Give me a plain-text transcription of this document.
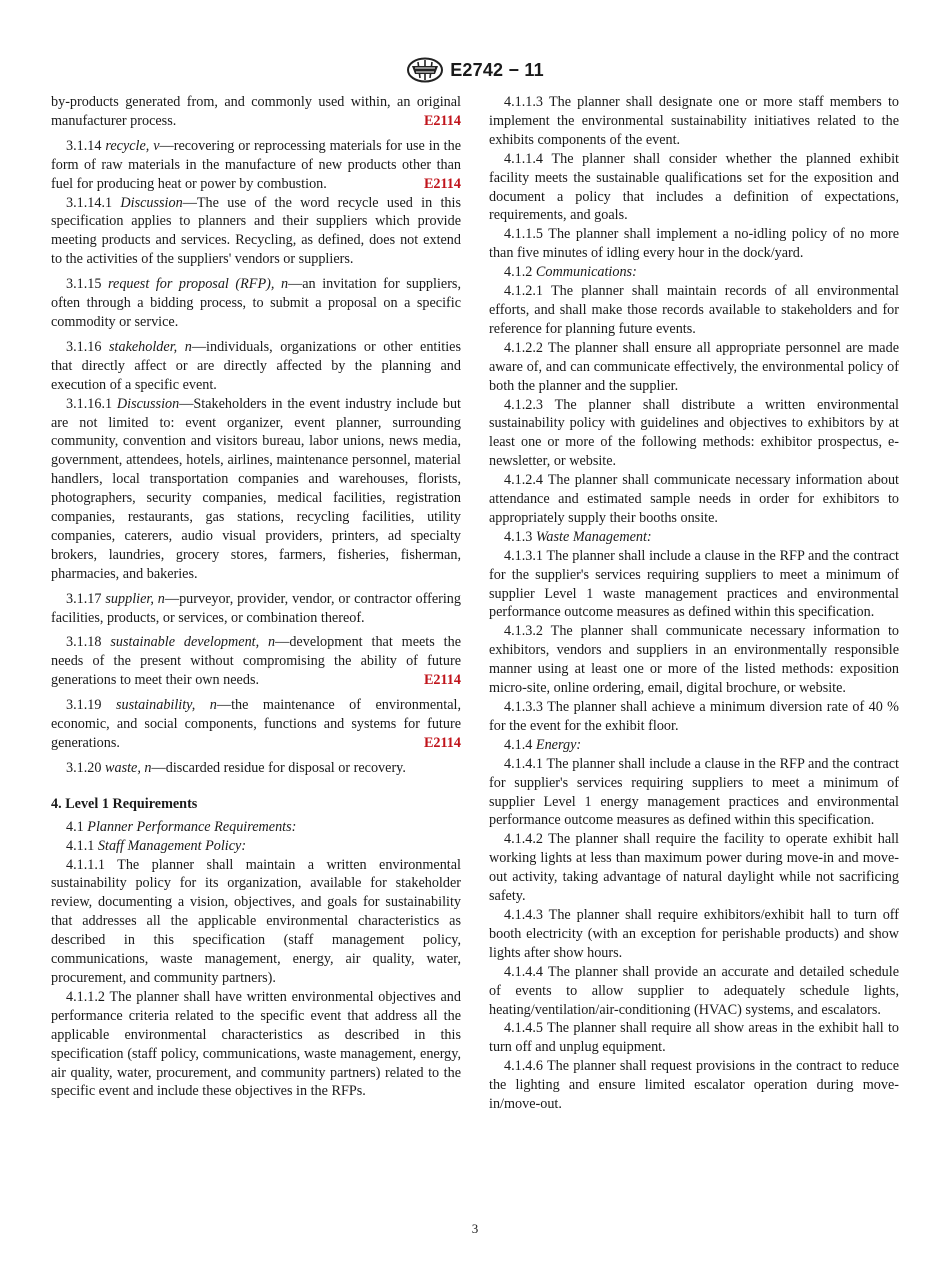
E2742 − 11

by-products generated from, and commonly used within, an original manufacturer process.	E2114

3.1.14 recycle, v—recovering or reprocessing materials for use in the form of raw materials in the manufacture of new products other than fuel for producing heat or power by combustion.	E2114

3.1.14.1 Discussion—The use of the word recycle used in this specification applies to planners and their suppliers which provide meeting products and services. Recycling, as defined, does not extend to the activities of the suppliers' vendors or suppliers.

3.1.15 request for proposal (RFP), n—an invitation for suppliers, often through a bidding process, to submit a proposal on a specific commodity or service.

3.1.16 stakeholder, n—individuals, organizations or other entities that directly affect or are directly affected by the planning and execution of a specific event.

3.1.16.1 Discussion—Stakeholders in the event industry include but are not limited to: event organizer, event planner, surrounding community, convention and visitors bureau, labor unions, news media, government, attendees, hotels, airlines, maintenance personnel, material handlers, local transportation companies and warehouses, florists, photographers, security companies, medical facilities, registration companies, restaurants, gas stations, recycling facilities, utility companies, caterers, audio visual providers, printers, ad specialty brokers, laundries, grocery stores, farmers, fisheries, fisherman, pharmacies, and bakeries.

3.1.17 supplier, n—purveyor, provider, vendor, or contractor offering facilities, products, or services, or combination thereof.

3.1.18 sustainable development, n—development that meets the needs of the present without compromising the ability of future generations to meet their own needs.	E2114

3.1.19 sustainability, n—the maintenance of environmental, economic, and social components, functions and systems for future generations.	E2114

3.1.20 waste, n—discarded residue for disposal or recovery.

4. Level 1 Requirements

4.1 Planner Performance Requirements:

4.1.1 Staff Management Policy:

4.1.1.1 The planner shall maintain a written environmental sustainability policy for its organization, available for stakeholder review, documenting a vision, objectives, and goals for sustainability that addresses all the applicable environmental characteristics as described in this specification (staff management policy, communications, waste management, energy, air quality, water, procurement, and community partners).

4.1.1.2 The planner shall have written environmental objectives and performance criteria related to the specific event that address all the applicable environmental characteristics as described in this specification (staff policy, communications, waste management, energy, air quality, water, procurement, and community partners) related to the specific event and include these objectives in the RFPs.

4.1.1.3 The planner shall designate one or more staff members to implement the environmental sustainability initiatives related to the exhibits components of the event.

4.1.1.4 The planner shall consider whether the planned exhibit facility meets the sustainable qualifications set for the exposition and document a policy that includes a definition of expectations, requirements, and goals.

4.1.1.5 The planner shall implement a no-idling policy of no more than five minutes of idling every hour in the dock/yard.

4.1.2 Communications:

4.1.2.1 The planner shall maintain records of all environmental efforts, and shall make those records available to stakeholders and for reference for planning future events.

4.1.2.2 The planner shall ensure all appropriate personnel are made aware of, and can communicate effectively, the environmental policy of both the planner and the supplier.

4.1.2.3 The planner shall distribute a written environmental sustainability policy with guidelines and objectives to exhibitors by at least one or more of the following methods: exhibitor prospectus, e-newsletter, or website.

4.1.2.4 The planner shall communicate necessary information about attendance and estimated sample needs in order for exhibitors to appropriately supply their booths onsite.

4.1.3 Waste Management:

4.1.3.1 The planner shall include a clause in the RFP and the contract for the supplier's services requiring suppliers to meet a minimum of supplier Level 1 waste management practices and environmental performance outcome measures as defined within this specification.

4.1.3.2 The planner shall communicate necessary information to exhibitors, vendors and suppliers in an environmentally responsible manner using at least one or more of the listed methods: exposition micro-site, online ordering, email, digital brochure, or website.

4.1.3.3 The planner shall achieve a minimum diversion rate of 40 % for the event for the exhibit floor.

4.1.4 Energy:

4.1.4.1 The planner shall include a clause in the RFP and the contract for supplier's services requiring suppliers to meet a minimum of supplier Level 1 energy management practices and environmental performance outcome measures as defined within this specification.

4.1.4.2 The planner shall require the facility to operate exhibit hall working lights at less than maximum power during move-in and move-out activity, taking advantage of natural daylight while not sacrificing safety.

4.1.4.3 The planner shall require exhibitors/exhibit hall to turn off booth electricity (with an exception for perishable products) and show lights after show hours.

4.1.4.4 The planner shall provide an accurate and detailed schedule of events to allow supplier to adequately schedule lights, heating/ventilation/air-conditioning (HVAC) systems, and escalators.

4.1.4.5 The planner shall require all show areas in the exhibit hall to turn off and unplug equipment.

4.1.4.6 The planner shall request provisions in the contract to reduce the lighting and ensure limited escalator operation during move-in/move-out.

3
